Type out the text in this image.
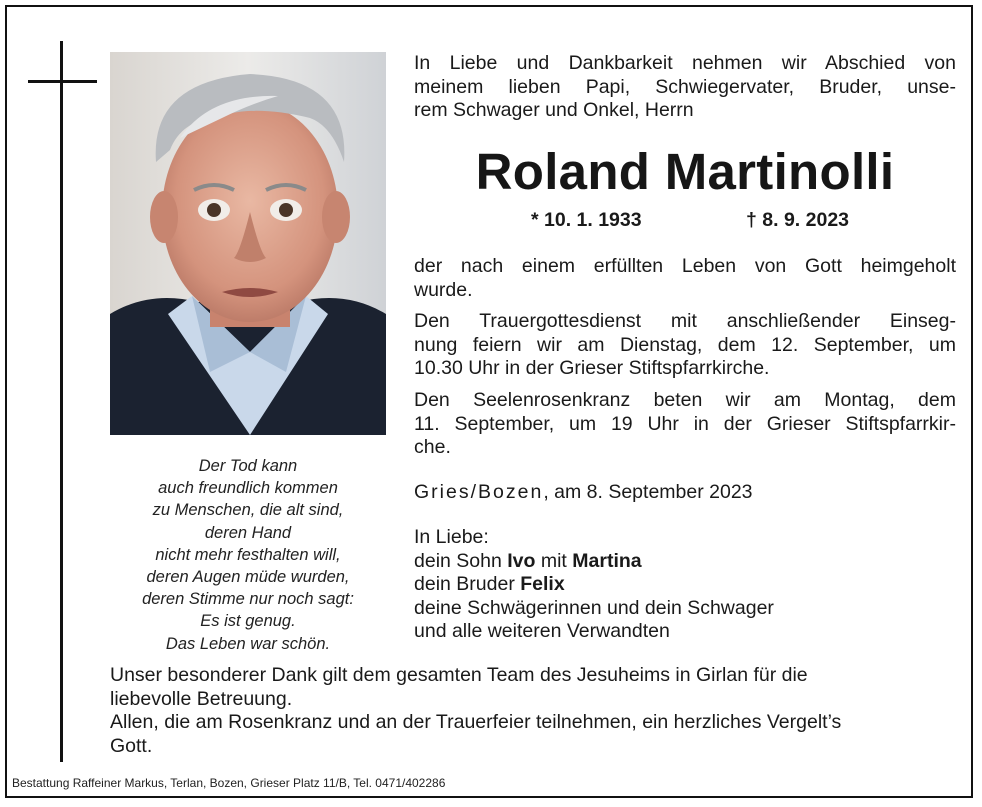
Der Tod kann
auch freundlich kommen
zu Menschen, die alt sind,
deren Hand
nicht mehr festhalten will,
deren Augen müde wurden,
deren Stimme nur noch sagt:
Es ist genug.
Das Leben war schön.
In Liebe und Dankbarkeit nehmen wir Abschied von
meinem lieben Papi, Schwiegervater, Bruder, unse-
rem Schwager und Onkel, Herrn
Roland Martinolli
* 10. 1. 1933	† 8. 9. 2023
der nach einem erfüllten Leben von Gott heimgeholt
wurde.
Den Trauergottesdienst mit anschließender Einseg-
nung feiern wir am Dienstag, dem 12. September, um
10.30 Uhr in der Grieser Stiftspfarrkirche.
Den Seelenrosenkranz beten wir am Montag, dem
11. September, um 19 Uhr in der Grieser Stiftspfarrkir-
che.
Gries/Bozen, am 8. September 2023
In Liebe:
dein Sohn Ivo mit Martina
dein Bruder Felix
deine Schwägerinnen und dein Schwager
und alle weiteren Verwandten
Unser besonderer Dank gilt dem gesamten Team des Jesuheims in Girlan für die
liebevolle Betreuung.
Allen, die am Rosenkranz und an der Trauerfeier teilnehmen, ein herzliches Vergelt’s
Gott.
Bestattung Raffeiner Markus, Terlan, Bozen, Grieser Platz 11/B, Tel. 0471/402286
